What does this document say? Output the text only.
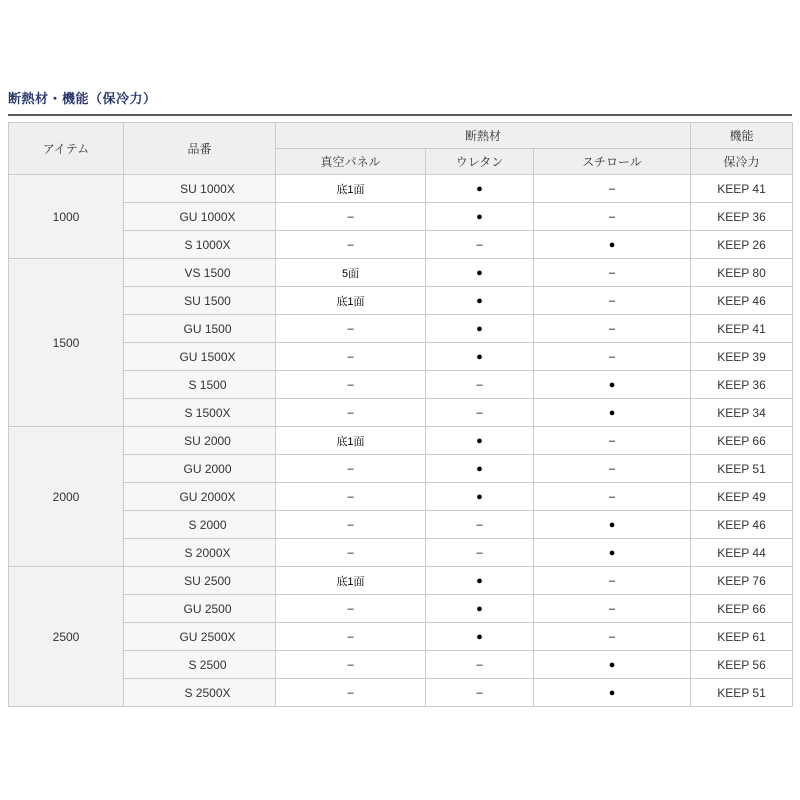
断熱材・機能（保冷力）
アイテム	品番	断熱材			機能
		真空パネル	ウレタン	スチロール	保冷力
1000	SU 1000X	底1面	●	–	KEEP 41
	GU 1000X	–	●	–	KEEP 36
	S 1000X	–	–	●	KEEP 26
1500	VS 1500	5面	●	–	KEEP 80
	SU 1500	底1面	●	–	KEEP 46
	GU 1500	–	●	–	KEEP 41
	GU 1500X	–	●	–	KEEP 39
	S 1500	–	–	●	KEEP 36
	S 1500X	–	–	●	KEEP 34
2000	SU 2000	底1面	●	–	KEEP 66
	GU 2000	–	●	–	KEEP 51
	GU 2000X	–	●	–	KEEP 49
	S 2000	–	–	●	KEEP 46
	S 2000X	–	–	●	KEEP 44
2500	SU 2500	底1面	●	–	KEEP 76
	GU 2500	–	●	–	KEEP 66
	GU 2500X	–	●	–	KEEP 61
	S 2500	–	–	●	KEEP 56
	S 2500X	–	–	●	KEEP 51
